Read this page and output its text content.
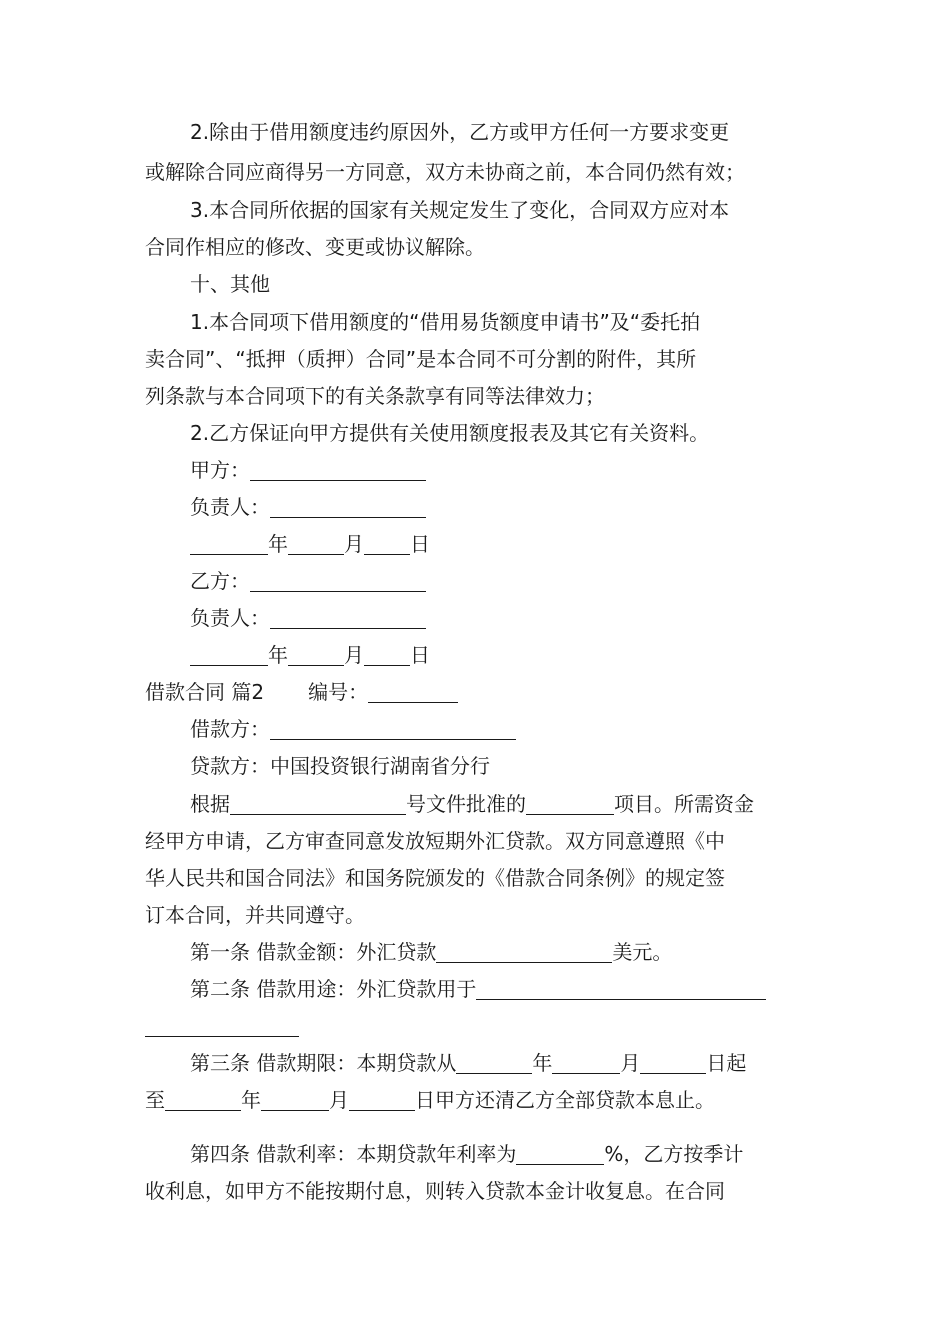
2.除由于借用额度违约原因外，乙方或甲方任何一方要求变更
或解除合同应商得另一方同意，双方未协商之前，本合同仍然有效；
3.本合同所依据的国家有关规定发生了变化，合同双方应对本
合同作相应的修改、变更或协议解除。
十、其他
1.本合同项下借用额度的“借用易货额度申请书”及“委托拍
卖合同”、“抵押（质押）合同”是本合同不可分割的附件，其所
列条款与本合同项下的有关条款享有同等法律效力；
2.乙方保证向甲方提供有关使用额度报表及其它有关资料。
甲方：
负责人：
年	月 日
乙方：
负责人：
年	月 日
借款合同 篇2 编号：
借款方：
贷款方：中国投资银行湖南省分行
根据	号文件批准的	项目。所需资金
经甲方申请，乙方审查同意发放短期外汇贷款。双方同意遵照《中
华人民共和国合同法》和国务院颁发的《借款合同条例》的规定签
订本合同，并共同遵守。
第一条 借款金额：外汇贷款	美元。
第二条 借款用途：外汇贷款用于
第三条 借款期限：本期贷款从	年	月	日起
至	年	月	日甲方还清乙方全部贷款本息止。
第四条 借款利率：本期贷款年利率为	%，乙方按季计
收利息，如甲方不能按期付息，则转入贷款本金计收复息。在合同
